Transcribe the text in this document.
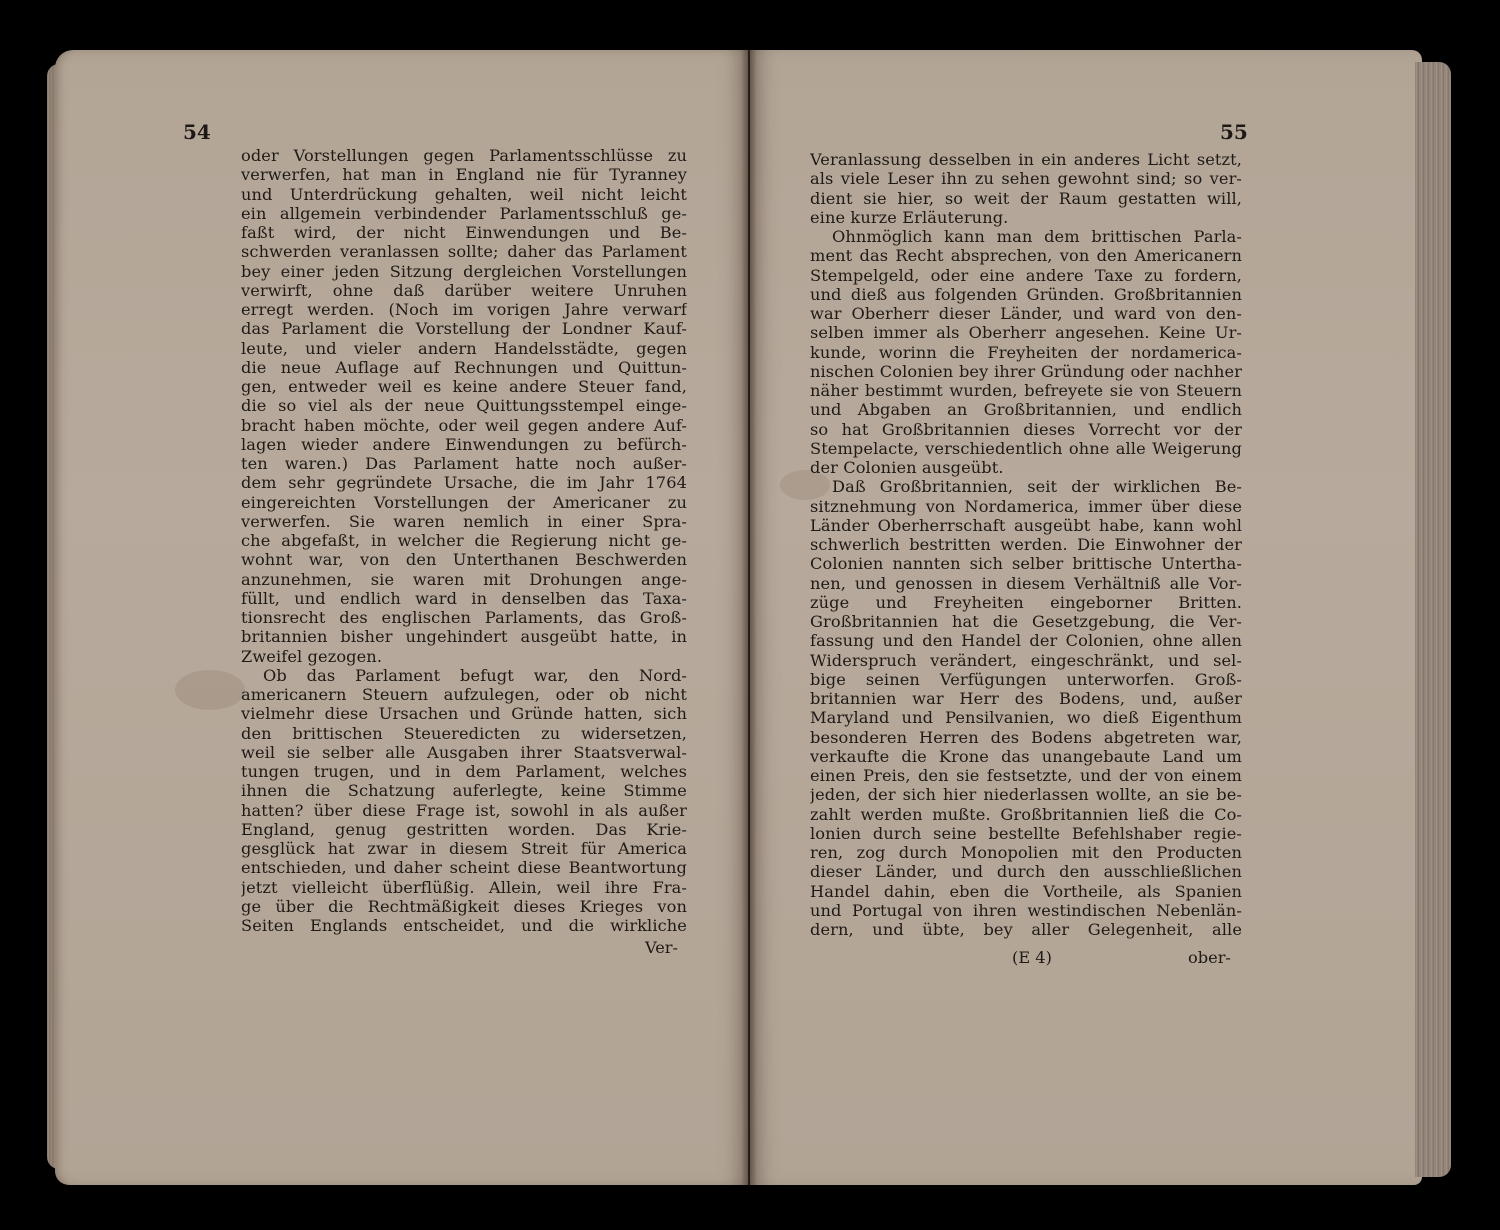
54
oder Vorstellungen gegen Parlamentsschlüsse zu
verwerfen, hat man in England nie für Tyranney
und Unterdrückung gehalten, weil nicht leicht
ein allgemein verbindender Parlamentsschluß ge-
faßt wird, der nicht Einwendungen und Be-
schwerden veranlassen sollte; daher das Parlament
bey einer jeden Sitzung dergleichen Vorstellungen
verwirft, ohne daß darüber weitere Unruhen
erregt werden. (Noch im vorigen Jahre verwarf
das Parlament die Vorstellung der Londner Kauf-
leute, und vieler andern Handelsstädte, gegen
die neue Auflage auf Rechnungen und Quittun-
gen, entweder weil es keine andere Steuer fand,
die so viel als der neue Quittungsstempel einge-
bracht haben möchte, oder weil gegen andere Auf-
lagen wieder andere Einwendungen zu befürch-
ten waren.) Das Parlament hatte noch außer-
dem sehr gegründete Ursache, die im Jahr 1764
eingereichten Vorstellungen der Americaner zu
verwerfen. Sie waren nemlich in einer Spra-
che abgefaßt, in welcher die Regierung nicht ge-
wohnt war, von den Unterthanen Beschwerden
anzunehmen, sie waren mit Drohungen ange-
füllt, und endlich ward in denselben das Taxa-
tionsrecht des englischen Parlaments, das Groß-
britannien bisher ungehindert ausgeübt hatte, in
Zweifel gezogen.
Ob das Parlament befugt war, den Nord-
americanern Steuern aufzulegen, oder ob nicht
vielmehr diese Ursachen und Gründe hatten, sich
den brittischen Steueredicten zu widersetzen,
weil sie selber alle Ausgaben ihrer Staatsverwal-
tungen trugen, und in dem Parlament, welches
ihnen die Schatzung auferlegte, keine Stimme
hatten? über diese Frage ist, sowohl in als außer
England, genug gestritten worden. Das Krie-
gesglück hat zwar in diesem Streit für America
entschieden, und daher scheint diese Beantwortung
jetzt vielleicht überflüßig. Allein, weil ihre Fra-
ge über die Rechtmäßigkeit dieses Krieges von
Seiten Englands entscheidet, und die wirkliche
Ver-
55
Veranlassung desselben in ein anderes Licht setzt,
als viele Leser ihn zu sehen gewohnt sind; so ver-
dient sie hier, so weit der Raum gestatten will,
eine kurze Erläuterung.
Ohnmöglich kann man dem brittischen Parla-
ment das Recht absprechen, von den Americanern
Stempelgeld, oder eine andere Taxe zu fordern,
und dieß aus folgenden Gründen. Großbritannien
war Oberherr dieser Länder, und ward von den-
selben immer als Oberherr angesehen. Keine Ur-
kunde, worinn die Freyheiten der nordamerica-
nischen Colonien bey ihrer Gründung oder nachher
näher bestimmt wurden, befreyete sie von Steuern
und Abgaben an Großbritannien, und endlich
so hat Großbritannien dieses Vorrecht vor der
Stempelacte, verschiedentlich ohne alle Weigerung
der Colonien ausgeübt.
Daß Großbritannien, seit der wirklichen Be-
sitznehmung von Nordamerica, immer über diese
Länder Oberherrschaft ausgeübt habe, kann wohl
schwerlich bestritten werden. Die Einwohner der
Colonien nannten sich selber brittische Untertha-
nen, und genossen in diesem Verhältniß alle Vor-
züge und Freyheiten eingeborner Britten.
Großbritannien hat die Gesetzgebung, die Ver-
fassung und den Handel der Colonien, ohne allen
Widerspruch verändert, eingeschränkt, und sel-
bige seinen Verfügungen unterworfen. Groß-
britannien war Herr des Bodens, und, außer
Maryland und Pensilvanien, wo dieß Eigenthum
besonderen Herren des Bodens abgetreten war,
verkaufte die Krone das unangebaute Land um
einen Preis, den sie festsetzte, und der von einem
jeden, der sich hier niederlassen wollte, an sie be-
zahlt werden mußte. Großbritannien ließ die Co-
lonien durch seine bestellte Befehlshaber regie-
ren, zog durch Monopolien mit den Producten
dieser Länder, und durch den ausschließlichen
Handel dahin, eben die Vortheile, als Spanien
und Portugal von ihren westindischen Nebenlän-
dern, und übte, bey aller Gelegenheit, alle
(E 4)	ober-
